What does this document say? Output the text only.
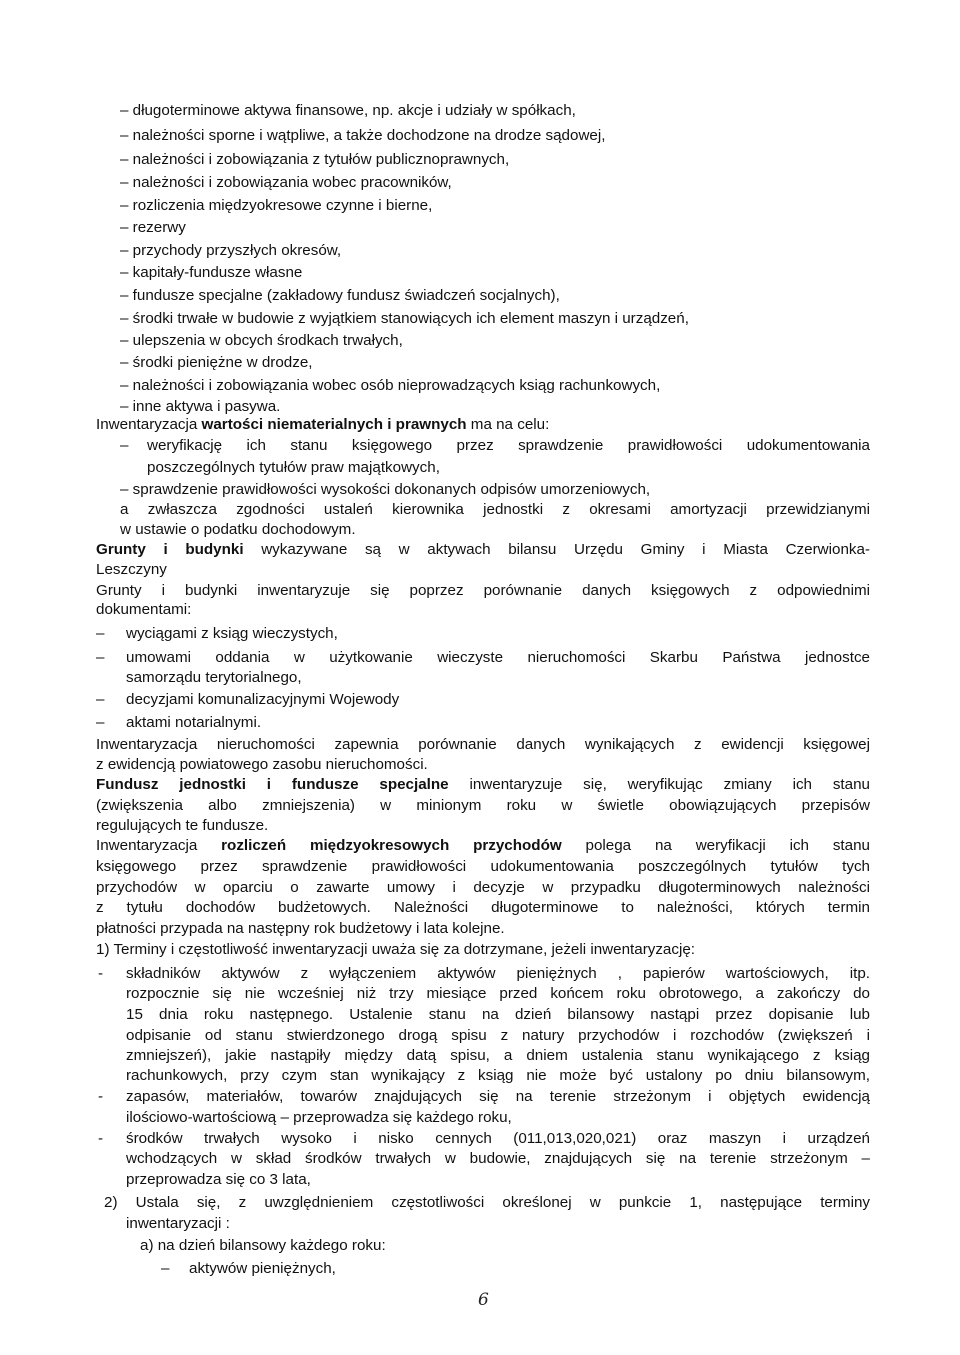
– długoterminowe aktywa finansowe, np. akcje i udziały w spółkach,
– należności sporne i wątpliwe, a także dochodzone na drodze sądowej,
– należności i zobowiązania z tytułów publicznoprawnych,
– należności i zobowiązania wobec pracowników,
– rozliczenia międzyokresowe czynne i bierne,
– rezerwy
– przychody przyszłych okresów,
– kapitały-fundusze własne
– fundusze specjalne (zakładowy fundusz świadczeń socjalnych),
– środki trwałe w budowie z wyjątkiem stanowiących ich element maszyn i urządzeń,
– ulepszenia w obcych środkach trwałych,
– środki pieniężne w drodze,
– należności i zobowiązania wobec osób nieprowadzących ksiąg rachunkowych,
– inne aktywa i pasywa.
Inwentaryzacja wartości niematerialnych i prawnych ma na celu:
– weryfikację ich stanu księgowego przez sprawdzenie prawidłowości udokumentowania
poszczególnych tytułów praw majątkowych,
– sprawdzenie prawidłowości wysokości dokonanych odpisów umorzeniowych,
a zwłaszcza zgodności ustaleń kierownika jednostki z okresami amortyzacji przewidzianymi
w ustawie o podatku dochodowym.
Grunty i budynki wykazywane są w aktywach bilansu Urzędu Gminy i Miasta Czerwionka-
Leszczyny
Grunty i budynki inwentaryzuje się poprzez porównanie danych księgowych z odpowiednimi
dokumentami:
– wyciągami z ksiąg wieczystych,
– umowami oddania w użytkowanie wieczyste nieruchomości Skarbu Państwa jednostce
samorządu terytorialnego,
– decyzjami komunalizacyjnymi Wojewody
– aktami notarialnymi.
Inwentaryzacja nieruchomości zapewnia porównanie danych wynikających z ewidencji księgowej
z ewidencją powiatowego zasobu nieruchomości.
Fundusz jednostki i fundusze specjalne inwentaryzuje się, weryfikując zmiany ich stanu
(zwiększenia albo zmniejszenia) w minionym roku w świetle obowiązujących przepisów
regulujących te fundusze.
Inwentaryzacja rozliczeń międzyokresowych przychodów polega na weryfikacji ich stanu
księgowego przez sprawdzenie prawidłowości udokumentowania poszczególnych tytułów tych
przychodów w oparciu o zawarte umowy i decyzje w przypadku długoterminowych należności
z tytułu dochodów budżetowych. Należności długoterminowe to należności, których termin
płatności przypada na następny rok budżetowy i lata kolejne.
1) Terminy i częstotliwość inwentaryzacji uważa się za dotrzymane, jeżeli inwentaryzację:
- składników aktywów z wyłączeniem aktywów pieniężnych , papierów wartościowych, itp.
rozpocznie się nie wcześniej niż trzy miesiące przed końcem roku obrotowego, a zakończy do
15 dnia roku następnego. Ustalenie stanu na dzień bilansowy nastąpi przez dopisanie lub
odpisanie od stanu stwierdzonego drogą spisu z natury przychodów i rozchodów (zwiększeń i
zmniejszeń), jakie nastąpiły między datą spisu, a dniem ustalenia stanu wynikającego z ksiąg
rachunkowych, przy czym stan wynikający z ksiąg nie może być ustalony po dniu bilansowym,
- zapasów, materiałów, towarów znajdujących się na terenie strzeżonym i objętych ewidencją
ilościowo-wartościową – przeprowadza się każdego roku,
- środków trwałych wysoko i nisko cennych (011,013,020,021) oraz maszyn i urządzeń
wchodzących w skład środków trwałych w budowie, znajdujących się na terenie strzeżonym –
przeprowadza się co 3 lata,
2) Ustala się, z uwzględnieniem częstotliwości określonej w punkcie 1, następujące terminy
inwentaryzacji :
a) na dzień bilansowy każdego roku:
– aktywów pieniężnych,
6
